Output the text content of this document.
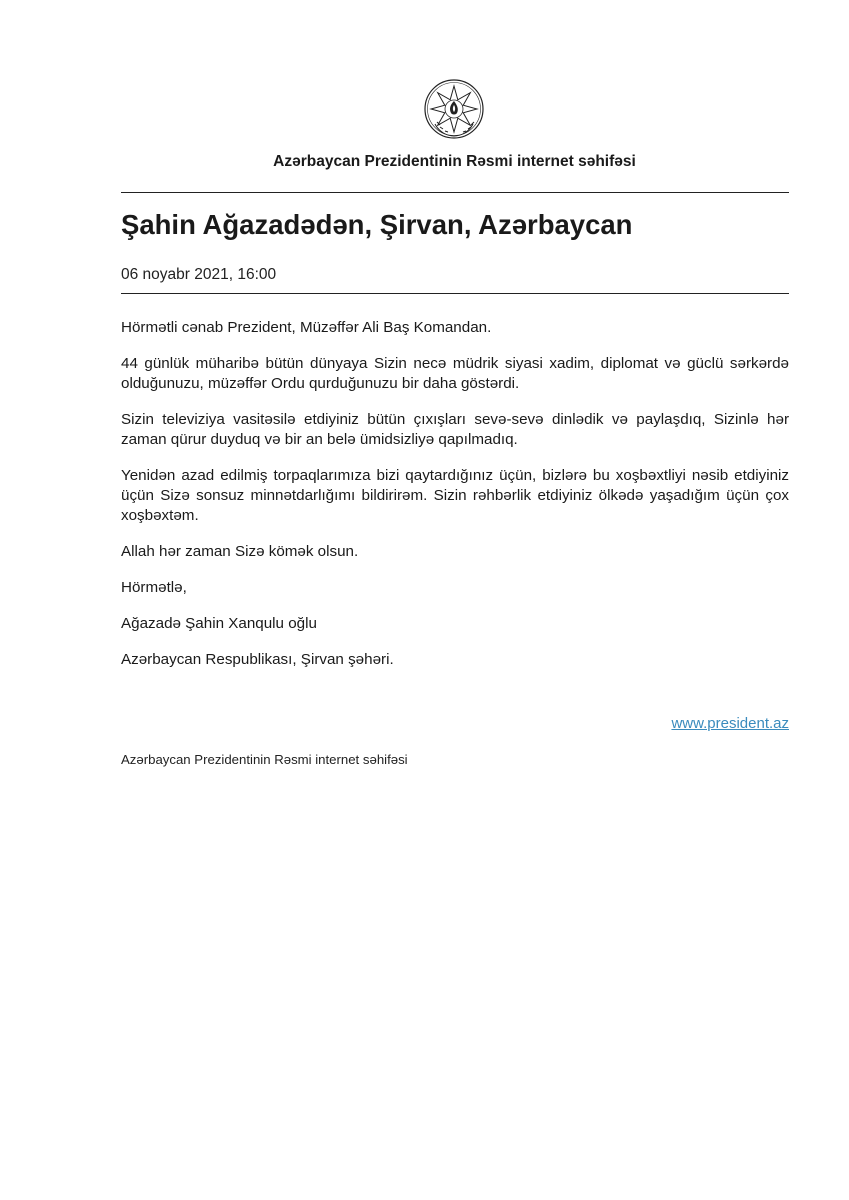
Azərbaycan Prezidentinin Rəsmi internet səhifəsi
Şahin Ağazadədən, Şirvan, Azərbaycan
06 noyabr 2021, 16:00

Hörmətli cənab Prezident, Müzəffər Ali Baş Komandan.

44 günlük müharibə bütün dünyaya Sizin necə müdrik siyasi xadim, diplomat və güclü sərkərdə olduğunuzu, müzəffər Ordu qurduğunuzu bir daha göstərdi.

Sizin televiziya vasitəsilə etdiyiniz bütün çıxışları sevə-sevə dinlədik və paylaşdıq, Sizinlə hər zaman qürur duyduq və bir an belə ümidsizliyə qapılmadıq.

Yenidən azad edilmiş torpaqlarımıza bizi qaytardığınız üçün, bizlərə bu xoşbəxtliyi nəsib etdiyiniz üçün Sizə sonsuz minnətdarlığımı bildirirəm. Sizin rəhbərlik etdiyiniz ölkədə yaşadığım üçün çox xoşbəxtəm.

Allah hər zaman Sizə kömək olsun.

Hörmətlə,

Ağazadə Şahin Xanqulu oğlu

Azərbaycan Respublikası, Şirvan şəhəri.

www.president.az
Azərbaycan Prezidentinin Rəsmi internet səhifəsi
